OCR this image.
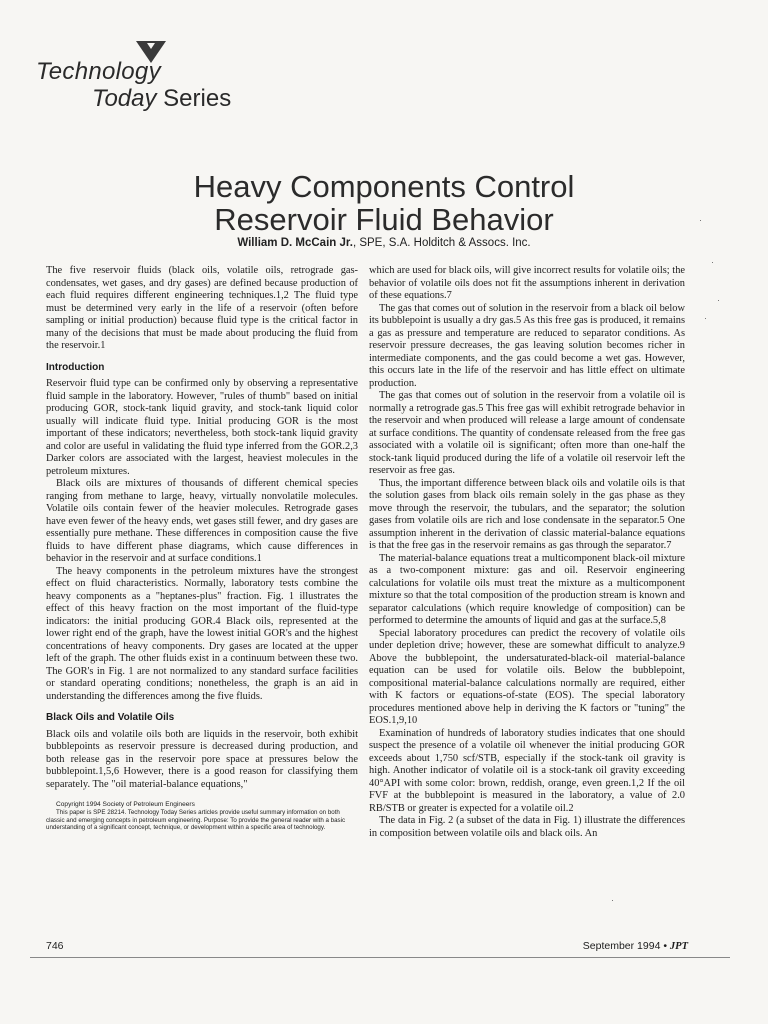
Technology
Today Series
Heavy Components Control
Reservoir Fluid Behavior
William D. McCain Jr., SPE, S.A. Holditch & Assocs. Inc.

The five reservoir fluids (black oils, volatile oils, retrograde gas-condensates, wet gases, and dry gases) are defined because production of each fluid requires different engineering techniques.1,2 The fluid type must be determined very early in the life of a reservoir (often before sampling or initial production) because fluid type is the critical factor in many of the decisions that must be made about producing the fluid from the reservoir.1

Introduction

Reservoir fluid type can be confirmed only by observing a representative fluid sample in the laboratory. However, "rules of thumb" based on initial producing GOR, stock-tank liquid gravity, and stock-tank liquid color usually will indicate fluid type. Initial producing GOR is the most important of these indicators; nevertheless, both stock-tank liquid gravity and color are useful in validating the fluid type inferred from the GOR.2,3 Darker colors are associated with the largest, heaviest molecules in the petroleum mixtures.

Black oils are mixtures of thousands of different chemical species ranging from methane to large, heavy, virtually nonvolatile molecules. Volatile oils contain fewer of the heavier molecules. Retrograde gases have even fewer of the heavy ends, wet gases still fewer, and dry gases are essentially pure methane. These differences in composition cause the five fluids to have different phase diagrams, which cause differences in behavior in the reservoir and at surface conditions.1

The heavy components in the petroleum mixtures have the strongest effect on fluid characteristics. Normally, laboratory tests combine the heavy components as a "heptanes-plus" fraction. Fig. 1 illustrates the effect of this heavy fraction on the most important of the fluid-type indicators: the initial producing GOR.4 Black oils, represented at the lower right end of the graph, have the lowest initial GOR's and the highest concentrations of heavy components. Dry gases are located at the upper left of the graph. The other fluids exist in a continuum between these two. The GOR's in Fig. 1 are not normalized to any standard surface facilities or standard operating conditions; nonetheless, the graph is an aid in understanding the differences among the five fluids.

Black Oils and Volatile Oils

Black oils and volatile oils both are liquids in the reservoir, both exhibit bubblepoints as reservoir pressure is decreased during production, and both release gas in the reservoir pore space at pressures below the bubblepoint.1,5,6 However, there is a good reason for classifying them separately. The "oil material-balance equations,"

Copyright 1994 Society of Petroleum Engineers

This paper is SPE 28214. Technology Today Series articles provide useful summary information on both classic and emerging concepts in petroleum engineering. Purpose: To provide the general reader with a basic understanding of a significant concept, technique, or development within a specific area of technology.

which are used for black oils, will give incorrect results for volatile oils; the behavior of volatile oils does not fit the assumptions inherent in derivation of these equations.7

The gas that comes out of solution in the reservoir from a black oil below its bubblepoint is usually a dry gas.5 As this free gas is produced, it remains a gas as pressure and temperature are reduced to separator conditions. As reservoir pressure decreases, the gas leaving solution becomes richer in intermediate components, and the gas could become a wet gas. However, this occurs late in the life of the reservoir and has little effect on ultimate production.

The gas that comes out of solution in the reservoir from a volatile oil is normally a retrograde gas.5 This free gas will exhibit retrograde behavior in the reservoir and when produced will release a large amount of condensate at surface conditions. The quantity of condensate released from the free gas associated with a volatile oil is significant; often more than one-half the stock-tank liquid produced during the life of a volatile oil reservoir left the reservoir as free gas.

Thus, the important difference between black oils and volatile oils is that the solution gases from black oils remain solely in the gas phase as they move through the reservoir, the tubulars, and the separator; the solution gases from volatile oils are rich and lose condensate in the separator.5 One assumption inherent in the derivation of classic material-balance equations is that the free gas in the reservoir remains as gas through the separator.7

The material-balance equations treat a multicomponent black-oil mixture as a two-component mixture: gas and oil. Reservoir engineering calculations for volatile oils must treat the mixture as a multicomponent mixture so that the total composition of the production stream is known and separator calculations (which require knowledge of composition) can be performed to determine the amounts of liquid and gas at the surface.5,8

Special laboratory procedures can predict the recovery of volatile oils under depletion drive; however, these are somewhat difficult to analyze.9 Above the bubblepoint, the undersaturated-black-oil material-balance equation can be used for volatile oils. Below the bubblepoint, compositional material-balance calculations normally are required, either with K factors or equations-of-state (EOS). The special laboratory procedures mentioned above help in deriving the K factors or "tuning" the EOS.1,9,10

Examination of hundreds of laboratory studies indicates that one should suspect the presence of a volatile oil whenever the initial producing GOR exceeds about 1,750 scf/STB, especially if the stock-tank oil gravity is high. Another indicator of volatile oil is a stock-tank oil gravity exceeding 40°API with some color: brown, reddish, orange, even green.1,2 If the oil FVF at the bubblepoint is measured in the laboratory, a value of 2.0 RB/STB or greater is expected for a volatile oil.2

The data in Fig. 2 (a subset of the data in Fig. 1) illustrate the differences in composition between volatile oils and black oils. An

746	September 1994 • JPT
